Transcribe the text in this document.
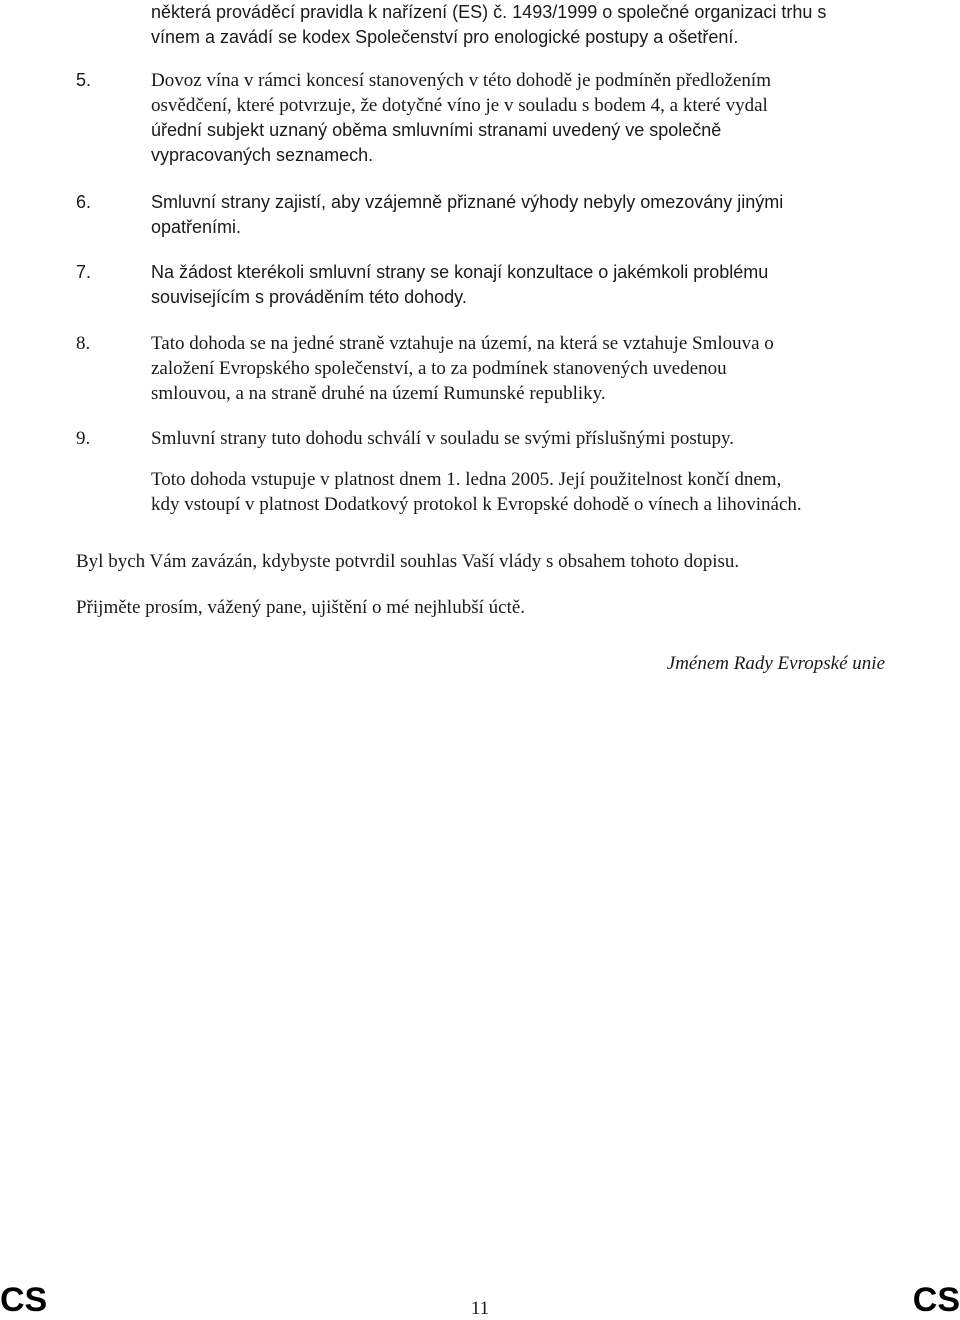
některá prováděcí pravidla k nařízení (ES) č. 1493/1999 o společné organizaci trhu s
vínem a zavádí se kodex Společenství pro enologické postupy a ošetření.

5.	Dovoz vína v rámci koncesí stanovených v této dohodě je podmíněn předložením
osvědčení, které potvrzuje, že dotyčné víno je v souladu s bodem 4, a které vydal
úřední subjekt uznaný oběma smluvními stranami uvedený ve společně
vypracovaných seznamech.

6.	Smluvní strany zajistí, aby vzájemně přiznané výhody nebyly omezovány jinými
opatřeními.

7.	Na žádost kterékoli smluvní strany se konají konzultace o jakémkoli problému
souvisejícím s prováděním této dohody.

8.	Tato dohoda se na jedné straně vztahuje na území, na která se vztahuje Smlouva o
založení Evropského společenství, a to za podmínek stanovených uvedenou
smlouvou, a na straně druhé na území Rumunské republiky.

9.	Smluvní strany tuto dohodu schválí v souladu se svými příslušnými postupy.

Toto dohoda vstupuje v platnost dnem 1. ledna 2005. Její použitelnost končí dnem,
kdy vstoupí v platnost Dodatkový protokol k Evropské dohodě o vínech a lihovinách.

Byl bych Vám zavázán, kdybyste potvrdil souhlas Vaší vlády s obsahem tohoto dopisu.

Přijměte prosím, vážený pane, ujištění o mé nejhlubší úctě.

Jménem Rady Evropské unie

CS	11	CS
